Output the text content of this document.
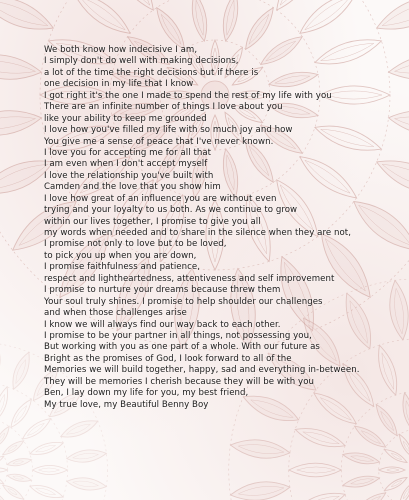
We both know how indecisive I am,
I simply don't do well with making decisions,
a lot of the time the right decisions but if there is
one decision in my life that I know
I got right it's the one I made to spend the rest of my life with you
There are an infinite number of things I love about you
like your ability to keep me grounded
I love how you've filled my life with so much joy and how
You give me a sense of peace that I've never known.
I love you for accepting me for all that
I am even when I don't accept myself
I love the relationship you've built with
Camden and the love that you show him
I love how great of an influence you are without even
trying and your loyalty to us both. As we continue to grow
within our lives together, I promise to give you all
my words when needed and to share in the silence when they are not,
I promise not only to love but to be loved,
to pick you up when you are down,
I promise faithfulness and patience,
respect and lightheartedness, attentiveness and self improvement
I promise to nurture your dreams because threw them
Your soul truly shines. I promise to help shoulder our challenges
and when those challenges arise
I know we will always find our way back to each other.
I promise to be your partner in all things, not possessing you,
But working with you as one part of a whole. With our future as
Bright as the promises of God, I look forward to all of the
Memories we will build together, happy, sad and everything in-between.
They will be memories I cherish because they will be with you
Ben, I lay down my life for you, my best friend,
My true love, my Beautiful Benny Boy
